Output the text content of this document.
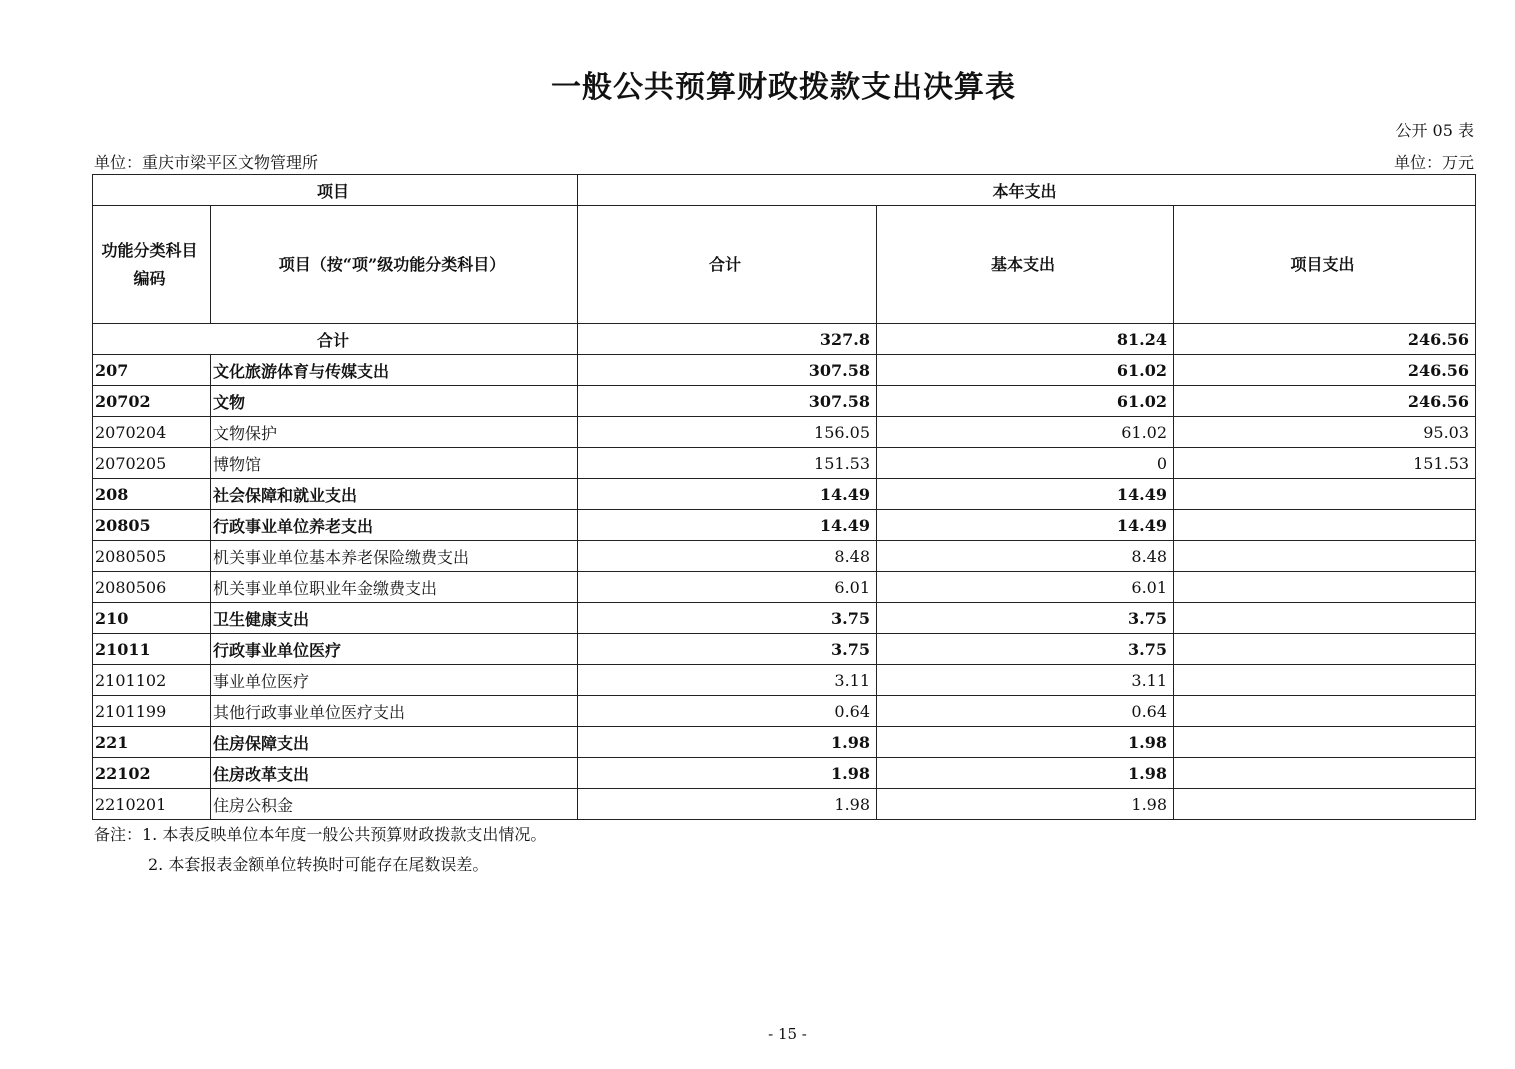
一般公共预算财政拨款支出决算表
公开 05 表
单位：重庆市梁平区文物管理所	单位：万元
项目		本年支出		

功能分类科目
编码	项目（按“项”级功能分类科目）	合计	基本支出	项目支出
合计		327.8	81.24	246.56
207	文化旅游体育与传媒支出	307.58	61.02	246.56
20702	文物	307.58	61.02	246.56
2070204	文物保护	156.05	61.02	95.03
2070205	博物馆	151.53	0	151.53
208	社会保障和就业支出	14.49	14.49	
20805	行政事业单位养老支出	14.49	14.49	
2080505	机关事业单位基本养老保险缴费支出	8.48	8.48	
2080506	机关事业单位职业年金缴费支出	6.01	6.01	
210	卫生健康支出	3.75	3.75	
21011	行政事业单位医疗	3.75	3.75	
2101102	事业单位医疗	3.11	3.11	
2101199	其他行政事业单位医疗支出	0.64	0.64	
221	住房保障支出	1.98	1.98	
22102	住房改革支出	1.98	1.98	
2210201	住房公积金	1.98	1.98	
备注：1. 本表反映单位本年度一般公共预算财政拨款支出情况。
2. 本套报表金额单位转换时可能存在尾数误差。
- 15 -
